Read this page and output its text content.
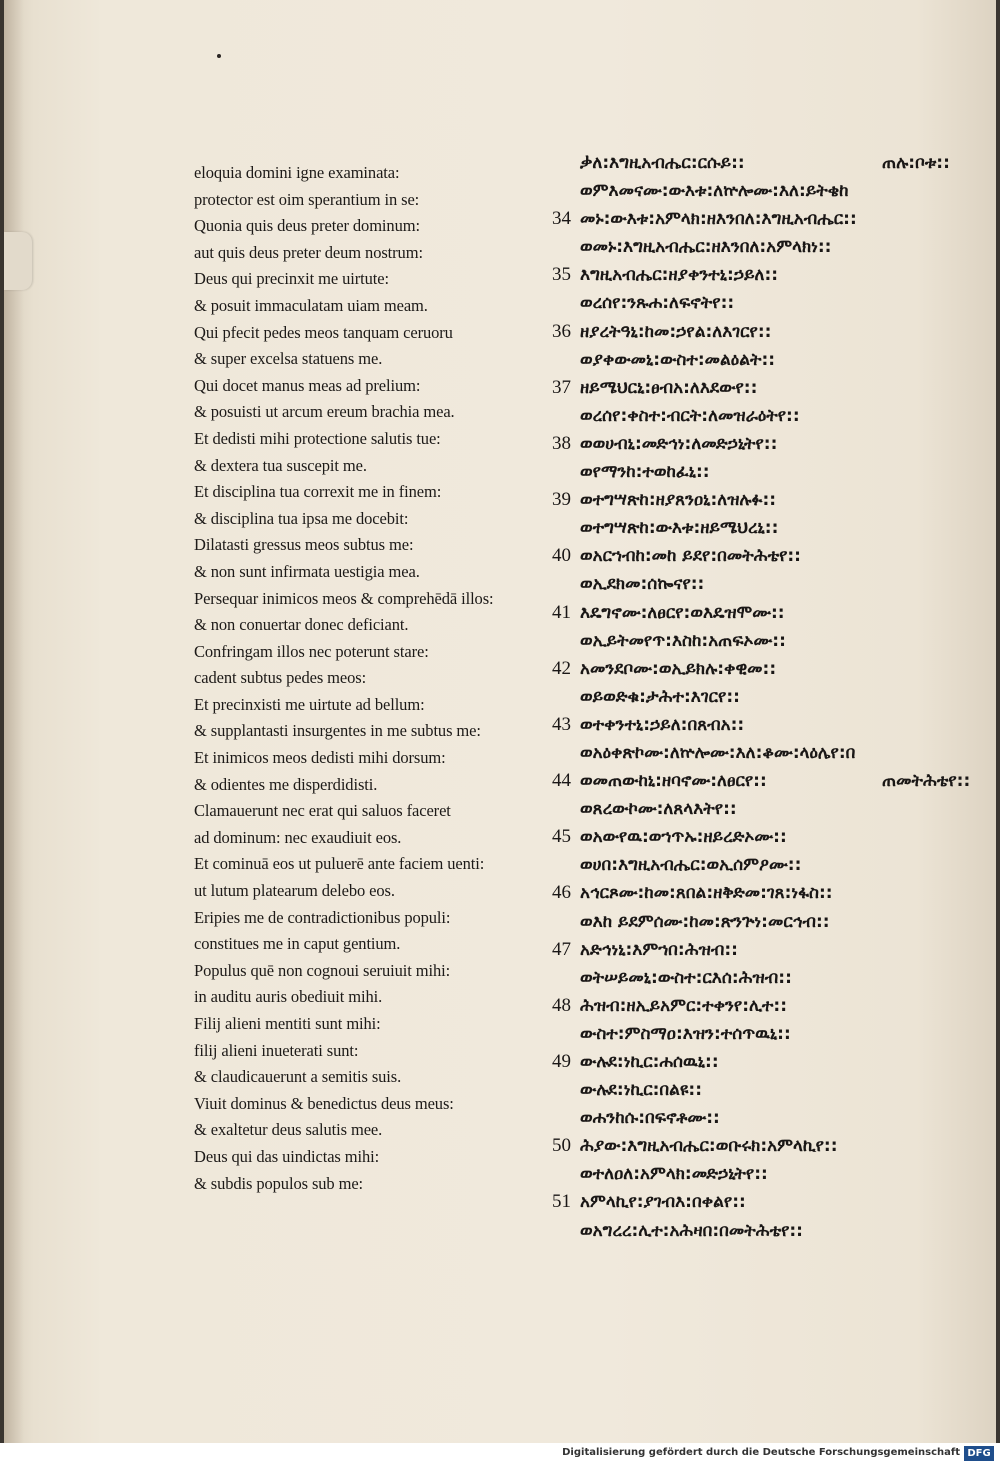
eloquia domini igne examinata:
protector est oim sperantium in se:
Quonia quis deus preter dominum:
aut quis deus preter deum nostrum:
Deus qui precinxit me uirtute:
& posuit immaculatam uiam meam.
Qui pfecit pedes meos tanquam ceruoru
& super excelsa statuens me.
Qui docet manus meas ad prelium:
& posuisti ut arcum ereum brachia mea.
Et dedisti mihi protectione salutis tue:
& dextera tua suscepit me.
Et disciplina tua correxit me in finem:
& disciplina tua ipsa me docebit:
Dilatasti gressus meos subtus me:
& non sunt infirmata uestigia mea.
Persequar inimicos meos & comprehēdā illos:
& non conuertar donec deficiant.
Confringam illos nec poterunt stare:
cadent subtus pedes meos:
Et precinxisti me uirtute ad bellum:
& supplantasti insurgentes in me subtus me:
Et inimicos meos dedisti mihi dorsum:
& odientes me disperdidisti.
Clamauerunt nec erat qui saluos faceret
ad dominum: nec exaudiuit eos.
Et cominuā eos ut puluerē ante faciem uenti:
ut lutum platearum delebo eos.
Eripies me de contradictionibus populi:
constitues me in caput gentium.
Populus quē non cognoui seruiuit mihi:
in auditu auris obediuit mihi.
Filij alieni mentiti sunt mihi:
filij alieni inueterati sunt:
& claudicauerunt a semitis suis.
Viuit dominus & benedictus deus meus:
& exaltetur deus salutis mee.
Deus qui das uindictas mihi:
& subdis populos sub me:
ቃለ:እግዚአብሔር:ርሱይ::	ጠሉ:ቦቱ::
ወምእመናሙ:ውእቱ:ለኵሎሙ:እለ:ይትቄከ
34 መኑ:ውእቱ:አምላክ:ዘእንበለ:እግዚአብሔር::
ወመኑ:እግዚአብሔር:ዘእንበለ:አምላክነ::
35 እግዚአብሔር:ዘያቀንተኒ:ኃይለ::
ወረሰየ:ንጹሐ:ለፍኖትየ::
36 ዘያረትዓኒ:ከመ:ኃየል:ለእገርየ::
ወያቀውመኒ:ውስተ:መልዕልት::
37 ዘይሜህርኒ:ፀብአ:ለእደውየ::
ወረሰየ:ቀስተ:ብርት:ለመዝራዕትየ::
38 ወወሀብኒ:መድኅነ:ለመድኃኒትየ::
ወየማንከ:ተወከፈኒ::
39 ወተግሣጽከ:ዘያጸንዐኒ:ለዝሉፉ::
ወተግሣጽከ:ውእቱ:ዘይሜህረኒ::
40 ወአርኀብከ:መከ ይደየ:በመትሕቴየ::
ወኢደክመ:ሰኰናየ::
41 እዴግኖሙ:ለፀርየ:ወእዴዝሞሙ::
ወኢይትመየጥ:እስከ:አጠፍኦሙ::
42 አመንደቦሙ:ወኢይክሉ:ቀዊመ::
ወይወድቁ:ታሕተ:እገርየ::
43 ወተቀንተኒ:ኃይለ:በጸብአ::
ወአዕቀጽኮሙ:ለኵሎሙ:እለ:ቆሙ:ላዕሌየ:በ
44 ወመጠውከኒ:ዘባኖሙ:ለፀርየ::	ጠመትሕቴየ::
ወጸረውኮሙ:ለጸላእትየ::
45 ወአውየዉ:ወኀጥኡ:ዘይረድኦሙ::
ወሀበ:እግዚአብሔር:ወኢሰምዖሙ::
46 አኅርጾሙ:ከመ:ጸበል:ዘቅድመ:ገጸ:ነፋስ::
ወእከ ይደምሰሙ:ከመ:ጽንጕነ:መርኅብ::
47 አድኅነኒ:እምኀበ:ሕዝብ::
ወትሠይመኒ:ውስተ:ርእሰ:ሕዝብ::
48 ሕዝብ:ዘኢይአምር:ተቀንየ:ሊተ::
ውስተ:ምስማዐ:እዝን:ተሰጥዉኒ::
49 ውሉደ:ነኪር:ሐሰዉኒ::
ውሉደ:ነኪር:በልዩ::
ወሐንከሱ:በፍኖቶሙ::
50 ሕያው:እግዚአብሔር:ወቡሩክ:አምላኪየ::
ወተለዐለ:አምላክ:መድኃኒትየ::
51 አምላኪየ:ያገብእ:በቀልየ::
ወአግረረ:ሊተ:አሕዛበ:በመትሕቴየ::
Digitalisierung gefördert durch die Deutsche Forschungsgemeinschaft DFG
